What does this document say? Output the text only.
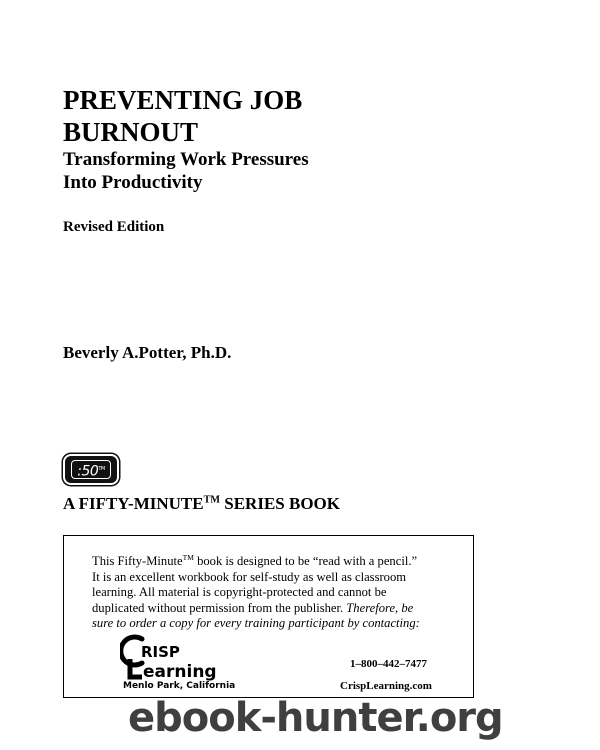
PREVENTING JOB
BURNOUT
Transforming Work Pressures
Into Productivity
Revised Edition
Beverly A.Potter, Ph.D.
:50™
A FIFTY-MINUTE™ SERIES BOOK
This Fifty-Minute™ book is designed to be “read with a pencil.”
It is an excellent workbook for self-study as well as classroom
learning. All material is copyright-protected and cannot be
duplicated without permission from the publisher. Therefore, be
sure to order a copy for every training participant by contacting:
RISP
earning
Menlo Park, California
1–800–442–7477
CrispLearning.com
ebook-hunter.org
